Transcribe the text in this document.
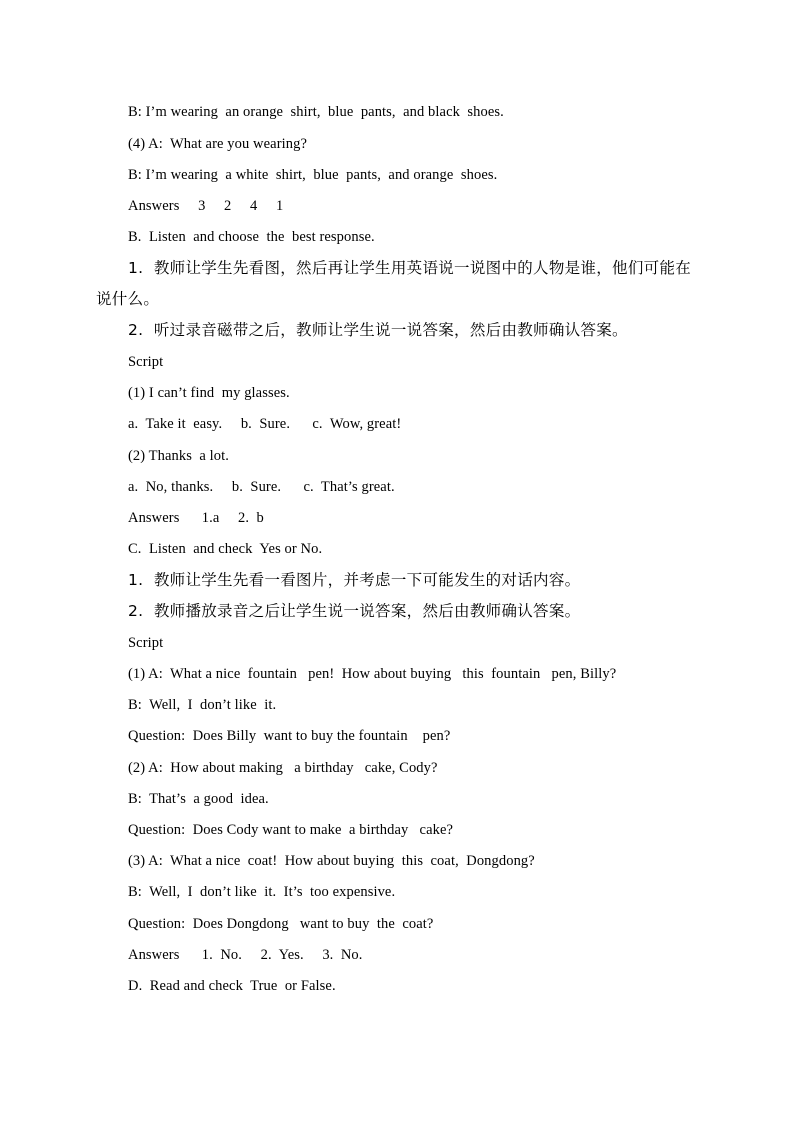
B: I’m wearing  an orange  shirt,  blue  pants,  and black  shoes.
(4) A:  What are you wearing?
B: I’m wearing  a white  shirt,  blue  pants,  and orange  shoes.
Answers     3     2     4     1
B.  Listen  and choose  the  best response.
1.  教师让学生先看图，然后再让学生用英语说一说图中的人物是谁，他们可能在
说什么。
2.  听过录音磁带之后，教师让学生说一说答案，然后由教师确认答案。
Script
(1) I can’t find  my glasses.
a.  Take it  easy.     b.  Sure.      c.  Wow, great!
(2) Thanks  a lot.
a.  No, thanks.     b.  Sure.      c.  That’s great.
Answers      1.a     2.  b
C.  Listen  and check  Yes or No.
1.  教师让学生先看一看图片，并考虑一下可能发生的对话内容。
2.  教师播放录音之后让学生说一说答案，然后由教师确认答案。
Script
(1) A:  What a nice  fountain   pen!  How about buying   this  fountain   pen, Billy?
B:  Well,  I  don’t like  it.
Question:  Does Billy  want to buy the fountain    pen?
(2) A:  How about making   a birthday   cake, Cody?
B:  That’s  a good  idea.
Question:  Does Cody want to make  a birthday   cake?
(3) A:  What a nice  coat!  How about buying  this  coat,  Dongdong?
B:  Well,  I  don’t like  it.  It’s  too expensive.
Question:  Does Dongdong   want to buy  the  coat?
Answers      1.  No.     2.  Yes.     3.  No.
D.  Read and check  True  or False.
